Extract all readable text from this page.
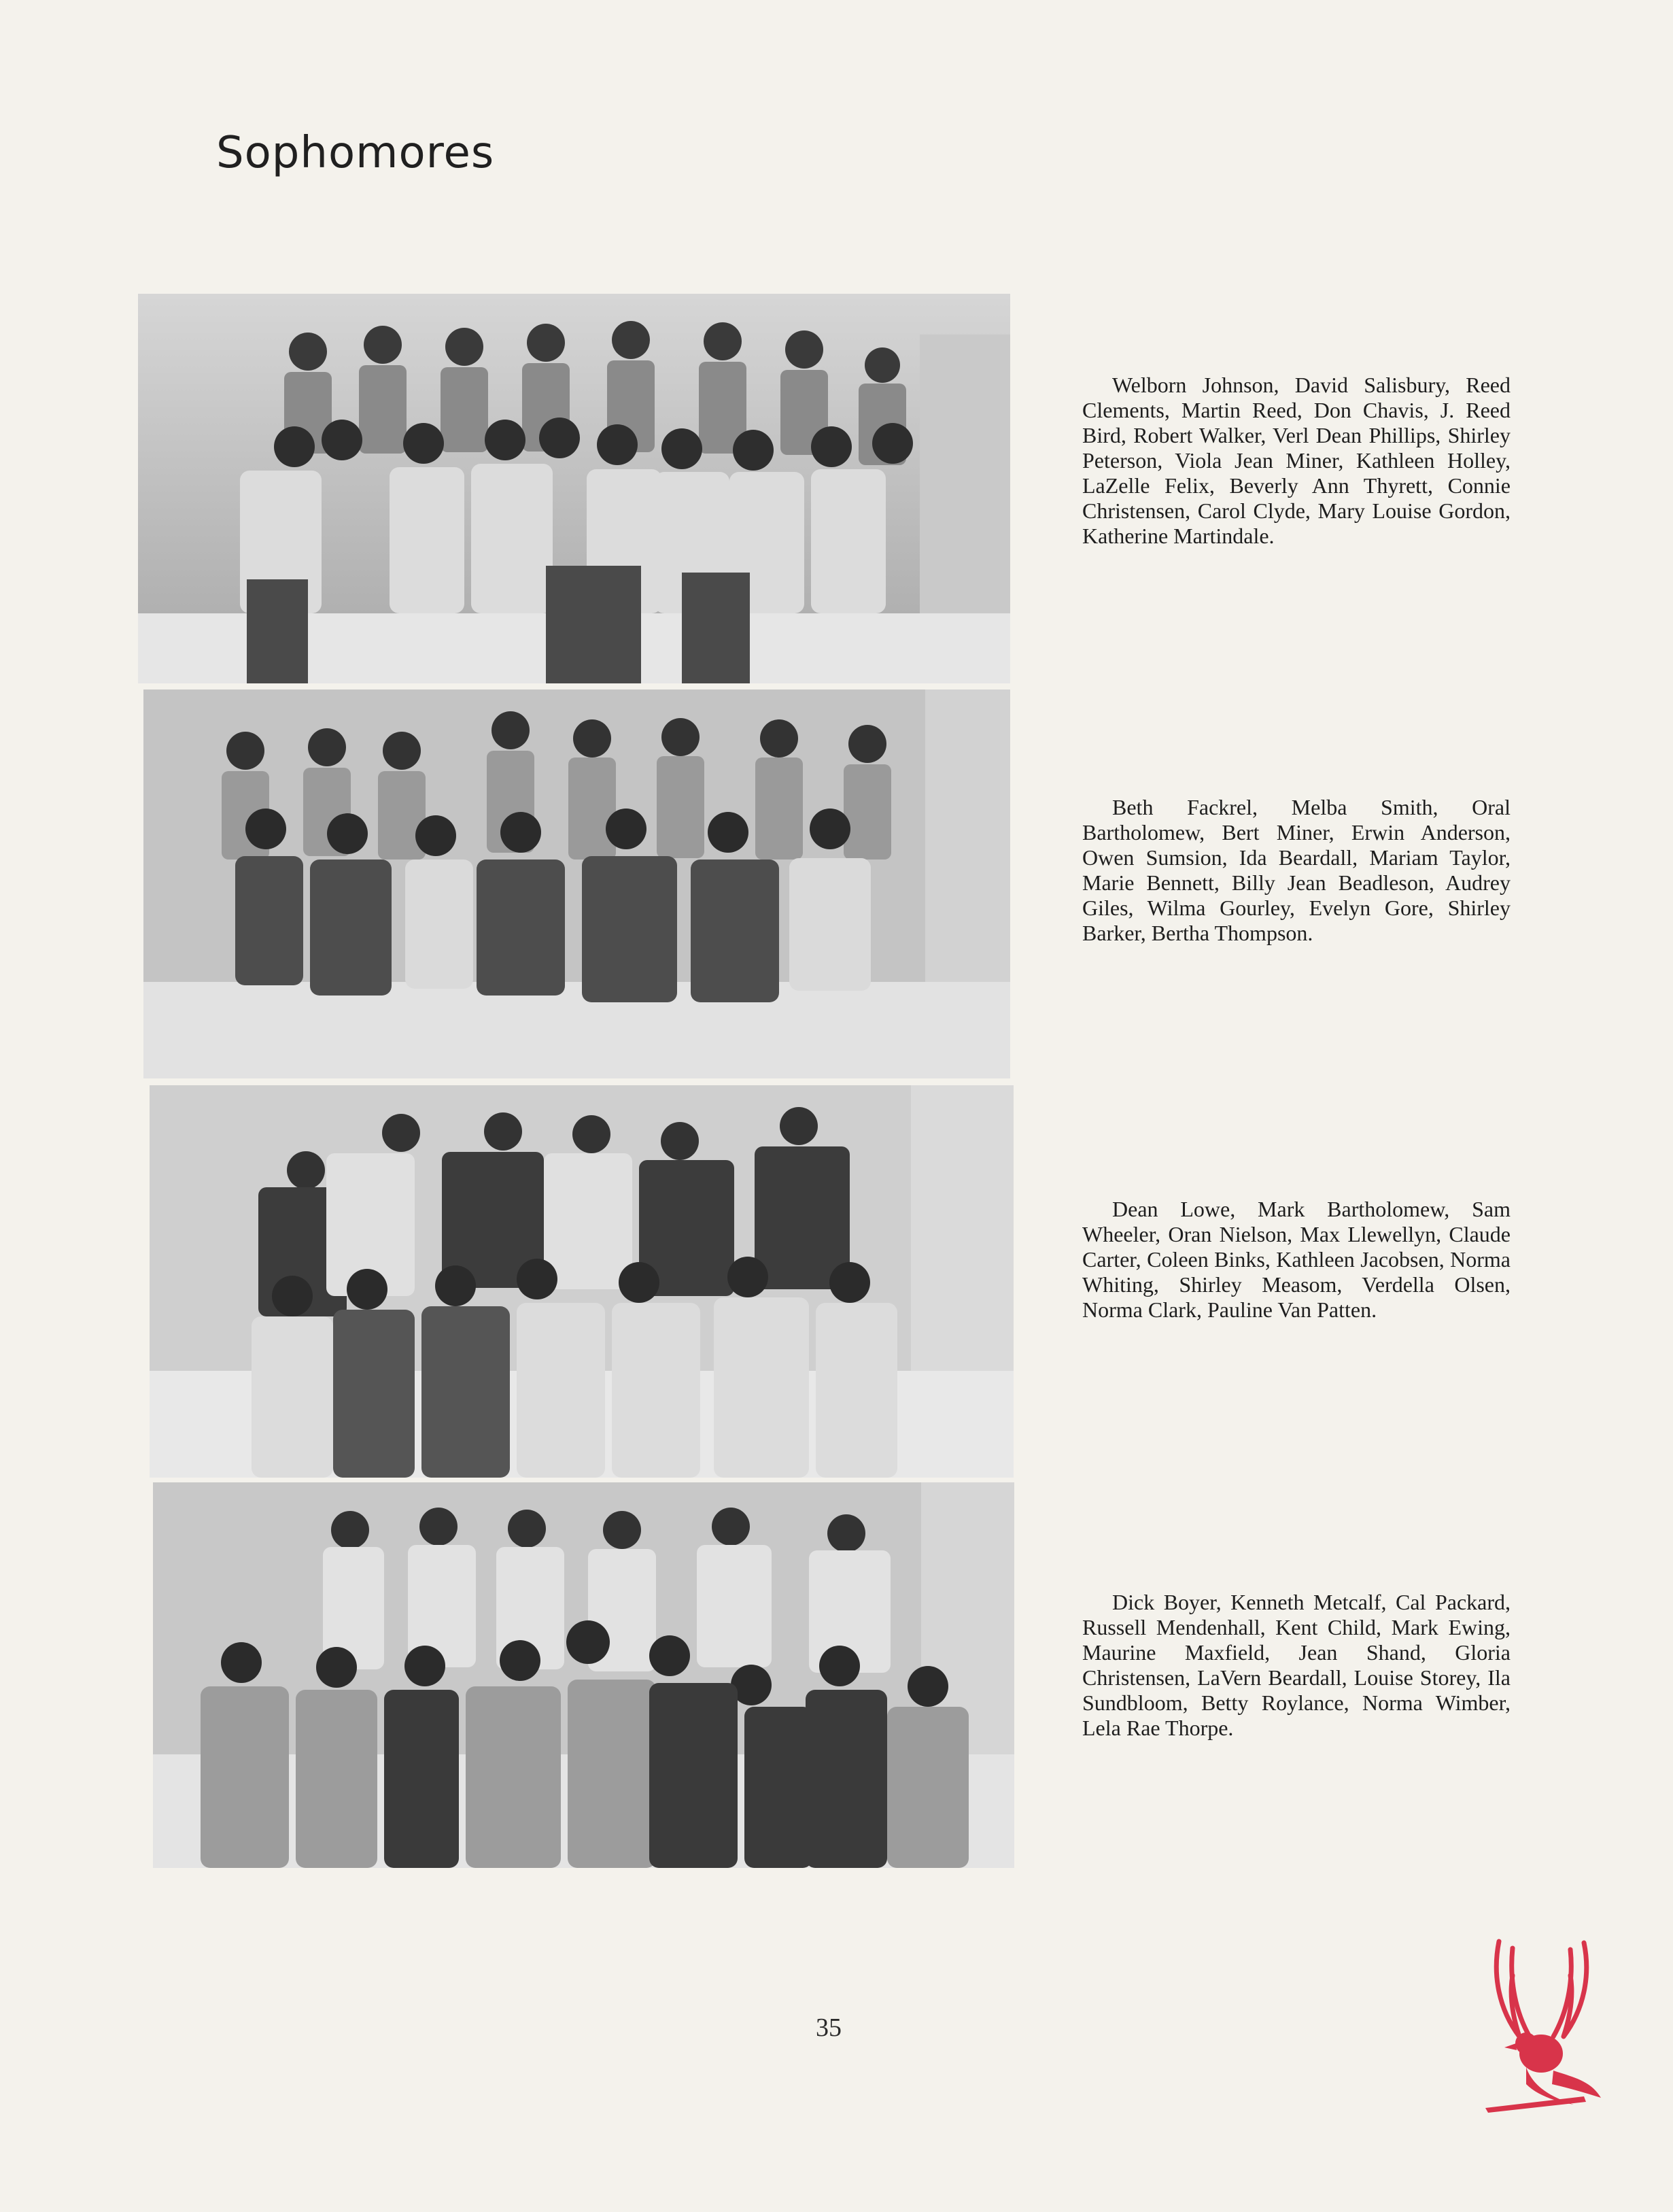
Sophomores

Welborn Johnson, David Salisbury, Reed Clements, Martin Reed, Don Chavis, J. Reed Bird, Robert Walker, Verl Dean Phillips, Shirley Peterson, Viola Jean Miner, Kathleen Holley, LaZelle Felix, Beverly Ann Thyrett, Connie Christensen, Carol Clyde, Mary Louise Gordon, Katherine Martindale.

Beth Fackrel, Melba Smith, Oral Bartholomew, Bert Miner, Erwin Anderson, Owen Sumsion, Ida Beardall, Mariam Taylor, Marie Bennett, Billy Jean Beadleson, Audrey Giles, Wilma Gourley, Evelyn Gore, Shirley Barker, Bertha Thompson.

Dean Lowe, Mark Bartholomew, Sam Wheeler, Oran Nielson, Max Llewellyn, Claude Carter, Coleen Binks, Kathleen Jacobsen, Norma Whiting, Shirley Measom, Verdella Olsen, Norma Clark, Pauline Van Patten.

Dick Boyer, Kenneth Metcalf, Cal Packard, Russell Mendenhall, Kent Child, Mark Ewing, Maurine Maxfield, Jean Shand, Gloria Christensen, LaVern Beardall, Louise Storey, Ila Sundbloom, Betty Roylance, Norma Wimber, Lela Rae Thorpe.

35
